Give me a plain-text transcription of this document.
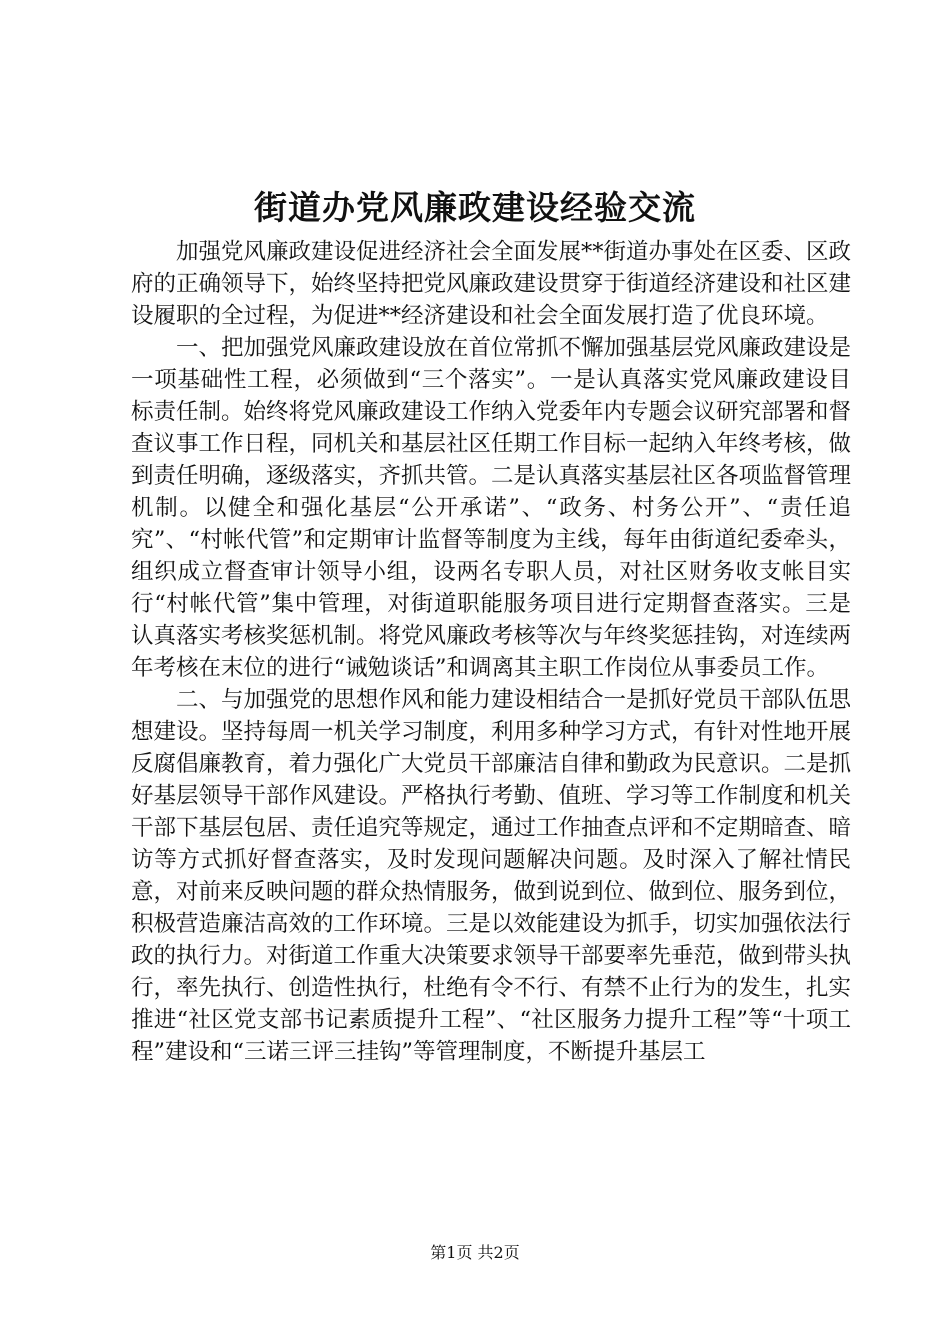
街道办党风廉政建设经验交流

加强党风廉政建设促进经济社会全面发展**街道办事处在区委、区政府的正确领导下，始终坚持把党风廉政建设贯穿于街道经济建设和社区建设履职的全过程，为促进**经济建设和社会全面发展打造了优良环境。

一、把加强党风廉政建设放在首位常抓不懈加强基层党风廉政建设是一项基础性工程，必须做到“三个落实”。一是认真落实党风廉政建设目标责任制。始终将党风廉政建设工作纳入党委年内专题会议研究部署和督查议事工作日程，同机关和基层社区任期工作目标一起纳入年终考核，做到责任明确，逐级落实，齐抓共管。二是认真落实基层社区各项监督管理机制。以健全和强化基层“公开承诺”、“政务、村务公开”、“责任追究”、“村帐代管”和定期审计监督等制度为主线，每年由街道纪委牵头，组织成立督查审计领导小组，设两名专职人员，对社区财务收支帐目实行“村帐代管”集中管理，对街道职能服务项目进行定期督查落实。三是认真落实考核奖惩机制。将党风廉政考核等次与年终奖惩挂钩，对连续两年考核在末位的进行“诫勉谈话”和调离其主职工作岗位从事委员工作。

二、与加强党的思想作风和能力建设相结合一是抓好党员干部队伍思想建设。坚持每周一机关学习制度，利用多种学习方式，有针对性地开展反腐倡廉教育，着力强化广大党员干部廉洁自律和勤政为民意识。二是抓好基层领导干部作风建设。严格执行考勤、值班、学习等工作制度和机关干部下基层包居、责任追究等规定，通过工作抽查点评和不定期暗查、暗访等方式抓好督查落实，及时发现问题解决问题。及时深入了解社情民意，对前来反映问题的群众热情服务，做到说到位、做到位、服务到位，积极营造廉洁高效的工作环境。三是以效能建设为抓手，切实加强依法行政的执行力。对街道工作重大决策要求领导干部要率先垂范，做到带头执行，率先执行、创造性执行，杜绝有令不行、有禁不止行为的发生，扎实推进“社区党支部书记素质提升工程”、“社区服务力提升工程”等“十项工程”建设和“三诺三评三挂钩”等管理制度，不断提升基层工

第1页 共2页
